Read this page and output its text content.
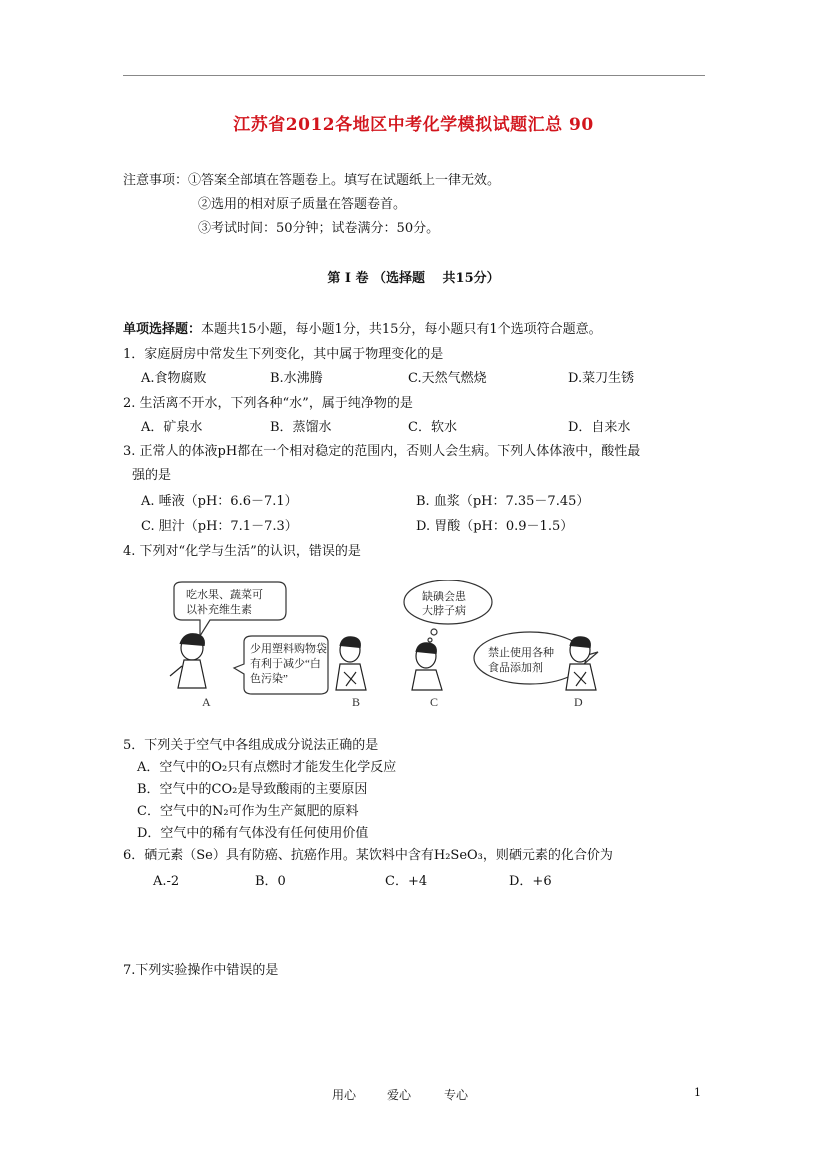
江苏省2012各地区中考化学模拟试题汇总 90
注意事项：①答案全部填在答题卷上。填写在试题纸上一律无效。
②选用的相对原子质量在答题卷首。
③考试时间：50分钟；试卷满分：50分。
第 I 卷 （选择题　 共15分）
单项选择题：本题共15小题，每小题1分，共15分，每小题只有1个选项符合题意。
1．家庭厨房中常发生下列变化，其中属于物理变化的是
A.食物腐败	B.水沸腾	C.天然气燃烧	D.菜刀生锈
2. 生活离不开水，下列各种“水”，属于纯净物的是
A．矿泉水	B．蒸馏水	C．软水	D．自来水
3. 正常人的体液pH都在一个相对稳定的范围内，否则人会生病。下列人体体液中，酸性最
强的是
A. 唾液（pH：6.6－7.1）	B. 血浆（pH：7.35－7.45）
C. 胆汁（pH：7.1－7.3）	D. 胃酸（pH：0.9－1.5）
4. 下列对“化学与生活”的认识，错误的是
吃水果、蔬菜可
以补充维生素
少用塑料购物袋
有利于减少“白
色污染”
缺碘会患
大脖子病
禁止使用各种
食品添加剂
A	B	C	D
5．下列关于空气中各组成成分说法正确的是
A．空气中的O₂只有点燃时才能发生化学反应
B．空气中的CO₂是导致酸雨的主要原因
C．空气中的N₂可作为生产氮肥的原料
D．空气中的稀有气体没有任何使用价值
6．硒元素（Se）具有防癌、抗癌作用。某饮料中含有H₂SeO₃，则硒元素的化合价为
A.-2	B．0	C．+4	D．+6
7.下列实验操作中错误的是
用心	爱心	专心	1
